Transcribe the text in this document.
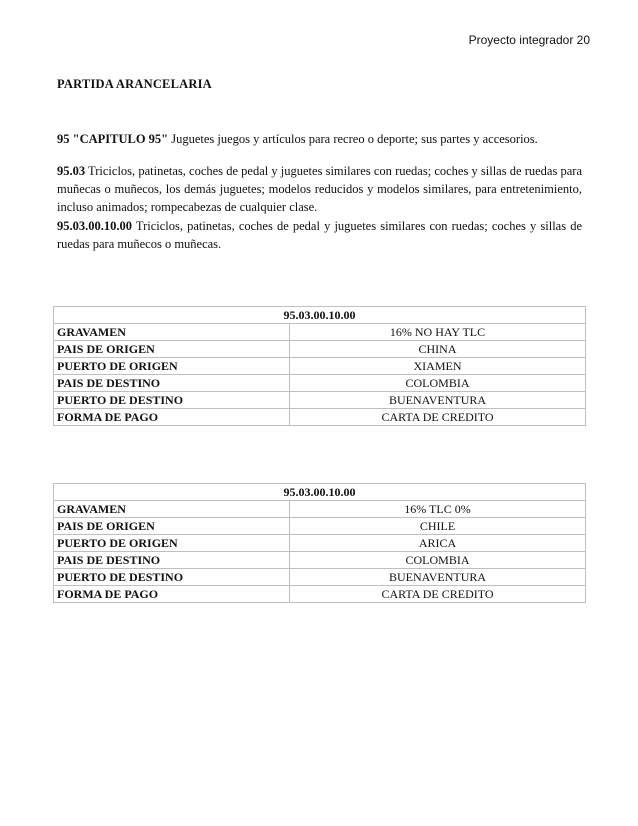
Proyecto integrador 20
PARTIDA ARANCELARIA
95 "CAPITULO 95" Juguetes juegos y artículos para recreo o deporte; sus partes y accesorios.
95.03 Triciclos, patinetas, coches de pedal y juguetes similares con ruedas; coches y sillas de ruedas para muñecas o muñecos, los demás juguetes; modelos reducidos y modelos similares, para entretenimiento, incluso animados; rompecabezas de cualquier clase.
95.03.00.10.00 Triciclos, patinetas, coches de pedal y juguetes similares con ruedas; coches y sillas de ruedas para muñecos o muñecas.
95.03.00.10.00	
GRAVAMEN	16% NO HAY TLC
PAIS DE ORIGEN	CHINA
PUERTO DE ORIGEN	XIAMEN
PAIS DE DESTINO	COLOMBIA
PUERTO DE DESTINO	BUENAVENTURA
FORMA DE PAGO	CARTA DE CREDITO
95.03.00.10.00	
GRAVAMEN	16% TLC 0%
PAIS DE ORIGEN	CHILE
PUERTO DE ORIGEN	ARICA
PAIS DE DESTINO	COLOMBIA
PUERTO DE DESTINO	BUENAVENTURA
FORMA DE PAGO	CARTA DE CREDITO
